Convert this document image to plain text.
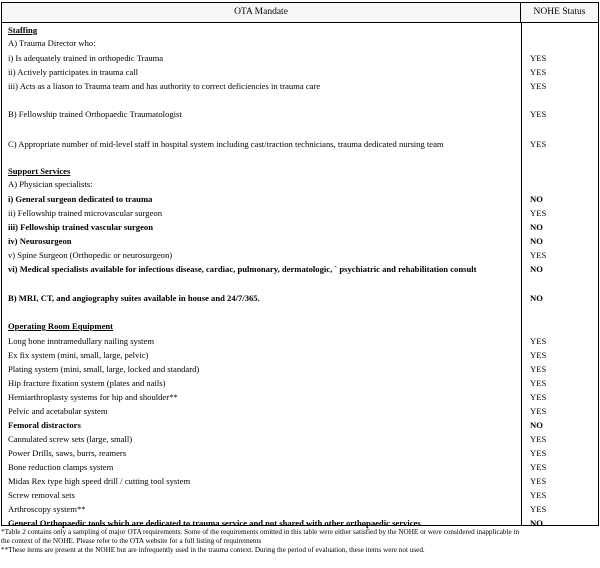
OTA Mandate	NOHE Status
Staffing
A) Trauma Director who:
i) Is adequately trained in orthopedic Trauma	YES
ii) Actively participates in trauma call	YES
iii) Acts as a liason to Trauma team and has authority to correct deficiencies in trauma care	YES
B) Fellowship trained Orthopaedic Traumatologist	YES
C) Appropriate number of mid-level staff in hospital system including cast/traction technicians, trauma dedicated nursing team	YES
Support Services
A) Physician specialists:
i) General surgeon dedicated to trauma	NO
ii) Fellowship trained microvascular surgeon	YES
iii) Fellowship trained vascular surgeon	NO
iv) Neurosurgeon	NO
v) Spine Surgeon (Orthopedic or neurosurgeon)	YES
vi) Medical specialists available for infectious disease, cardiac, pulmonary, dermatologic, ` psychiatric and rehabilitation consult	NO
B) MRI, CT, and angiography suites available in house and 24/7/365.	NO
Operating Room Equipment
Long bone inntramedullary nailing system	YES
Ex fix system (mini, small, large, pelvic)	YES
Plating system (mini, small, large, locked and standard)	YES
Hip fracture fixation system (plates and nails)	YES
Hemiarthroplasty systems for hip and shoulder**	YES
Pelvic and acetabular system	YES
Femoral distractors	NO
Cannulated screw sets (large, small)	YES
Power Drills, saws, burrs, reamers	YES
Bone reduction clamps system	YES
Midas Rex type high speed drill / cutting tool system	YES
Screw removal sets	YES
Arthroscopy system**	YES
General Orthopaedic tools which are dedicated to trauma service and not shared with other orthopaedic services	NO
*Table 2 contains only a sampling of major OTA requirements. Some of the requirements omitted in this table were either satisfied by the NOHE or were considered inapplicable in
the context of the NOHE. Please refer to the OTA website for a full listing of requirements
**These items are present at the NOHE but are infrequently used in the trauma context. During the period of evaluation, these items were not used.
